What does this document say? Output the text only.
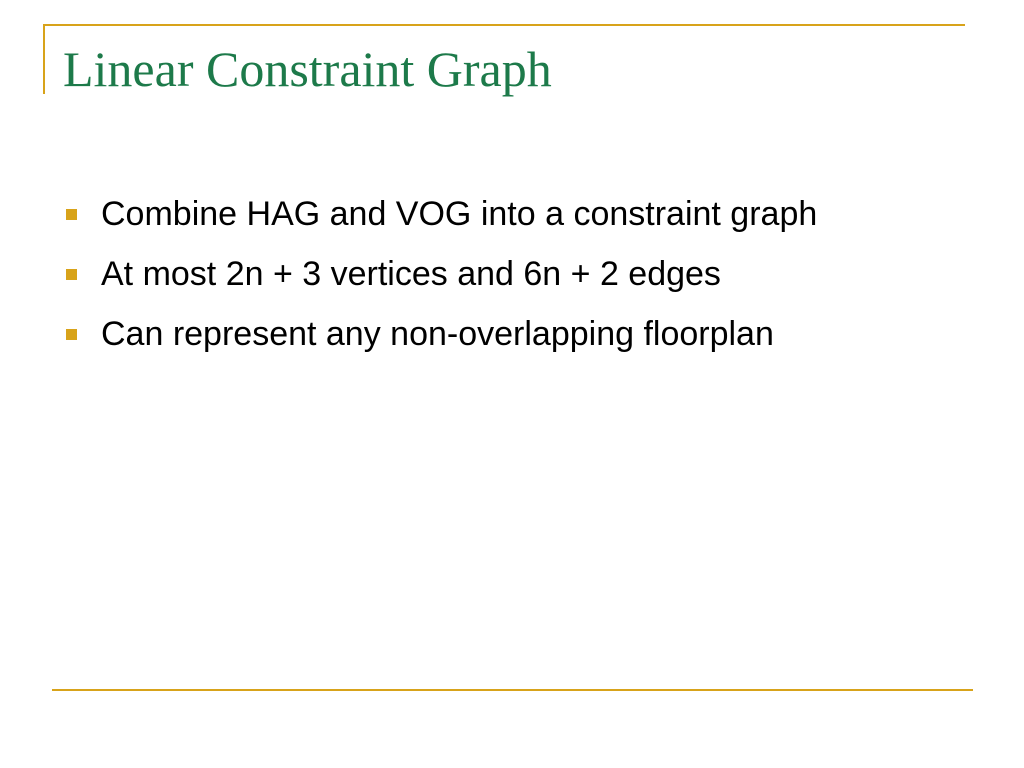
Linear Constraint Graph
Combine HAG and VOG into a constraint graph
At most 2n + 3 vertices and 6n + 2 edges
Can represent any non-overlapping floorplan
